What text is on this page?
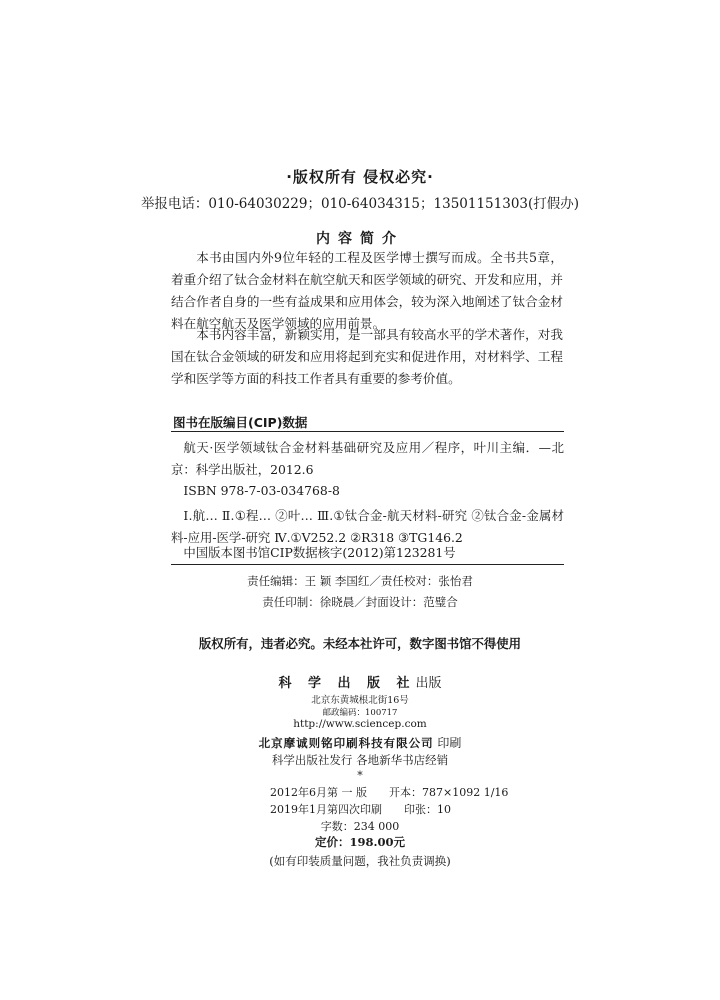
·版权所有 侵权必究·
举报电话：010-64030229；010-64034315；13501151303(打假办)
内容简介

本书由国内外9位年轻的工程及医学博士撰写而成。全书共5章，着重介绍了钛合金材料在航空航天和医学领域的研究、开发和应用，并结合作者自身的一些有益成果和应用体会，较为深入地阐述了钛合金材料在航空航天及医学领域的应用前景。

本书内容丰富，新颖实用，是一部具有较高水平的学术著作，对我国在钛合金领域的研发和应用将起到充实和促进作用，对材料学、工程学和医学等方面的科技工作者具有重要的参考价值。

图书在版编目(CIP)数据

航天·医学领域钛合金材料基础研究及应用／程序，叶川主编．—北京：科学出版社，2012.6

ISBN 978-7-03-034768-8

Ⅰ.航… Ⅱ.①程… ②叶… Ⅲ.①钛合金-航天材料-研究 ②钛合金-金属材料-应用-医学-研究 Ⅳ.①V252.2 ②R318 ③TG146.2

中国版本图书馆CIP数据核字(2012)第123281号

责任编辑：王 颖 李国红／责任校对：张怡君
责任印制：徐晓晨／封面设计：范璧合
版权所有，违者必究。未经本社许可，数字图书馆不得使用
科 学 出 版 社出版
北京东黄城根北街16号
邮政编码：100717
http://www.sciencep.com
北京摩诚则铭印刷科技有限公司 印刷
科学出版社发行 各地新华书店经销
*
2012年6月第 一 版 开本：787×1092 1/16
2019年1月第四次印刷 印张：10
字数：234 000
定价：198.00元
(如有印装质量问题，我社负责调换)
